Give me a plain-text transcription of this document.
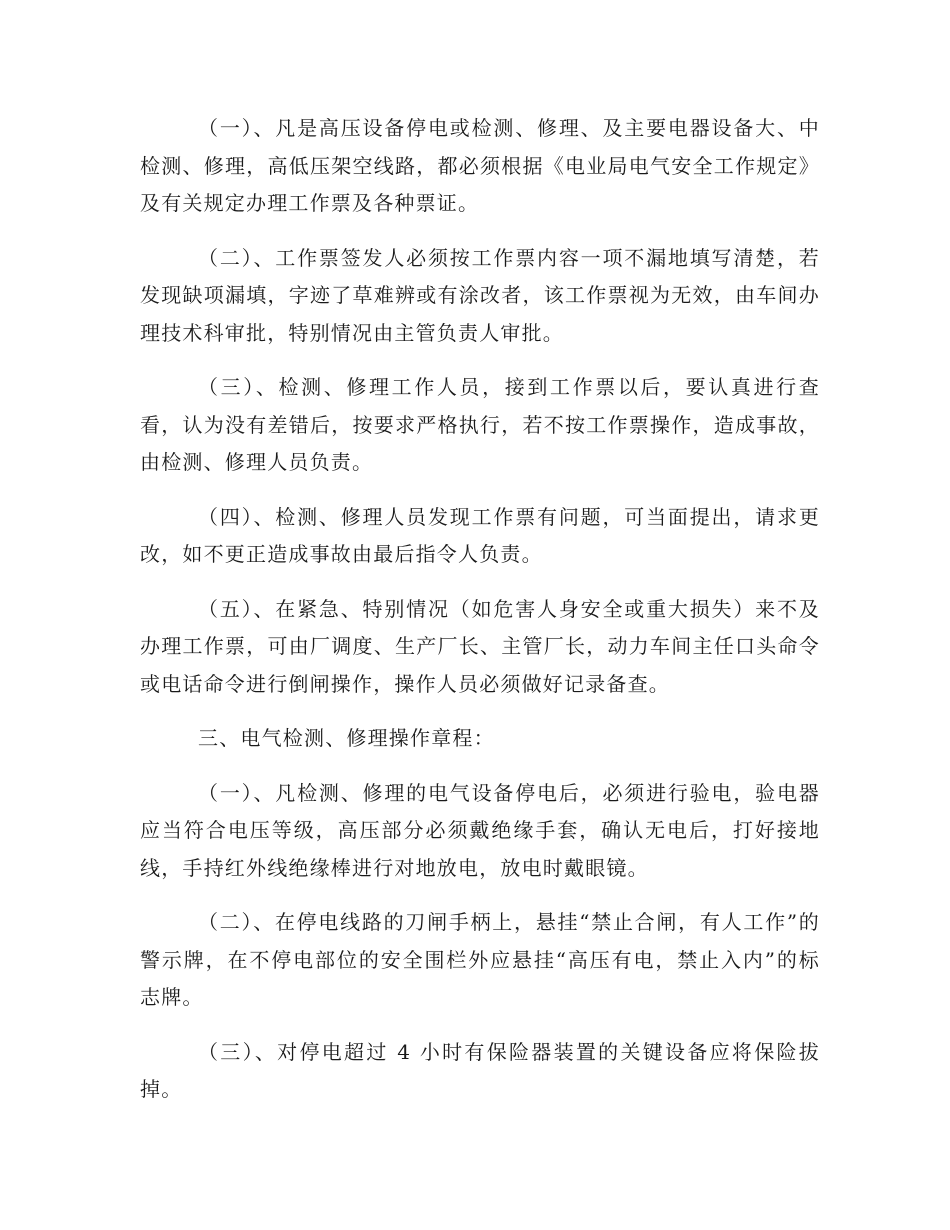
（一）、凡是高压设备停电或检测、修理、及主要电器设备大、中检测、修理，高低压架空线路，都必须根据《电业局电气安全工作规定》及有关规定办理工作票及各种票证。

（二）、工作票签发人必须按工作票内容一项不漏地填写清楚，若发现缺项漏填，字迹了草难辨或有涂改者，该工作票视为无效，由车间办理技术科审批，特别情况由主管负责人审批。

（三）、检测、修理工作人员，接到工作票以后，要认真进行查看，认为没有差错后，按要求严格执行，若不按工作票操作，造成事故，由检测、修理人员负责。

（四）、检测、修理人员发现工作票有问题，可当面提出，请求更改，如不更正造成事故由最后指令人负责。

（五）、在紧急、特别情况（如危害人身安全或重大损失）来不及办理工作票，可由厂调度、生产厂长、主管厂长，动力车间主任口头命令或电话命令进行倒闸操作，操作人员必须做好记录备查。

三、电气检测、修理操作章程：

（一）、凡检测、修理的电气设备停电后，必须进行验电，验电器应当符合电压等级，高压部分必须戴绝缘手套，确认无电后，打好接地线，手持红外线绝缘棒进行对地放电，放电时戴眼镜。

（二）、在停电线路的刀闸手柄上，悬挂“禁止合闸，有人工作”的警示牌，在不停电部位的安全围栏外应悬挂“高压有电，禁止入内”的标志牌。

（三）、对停电超过 4 小时有保险器装置的关键设备应将保险拔掉。
